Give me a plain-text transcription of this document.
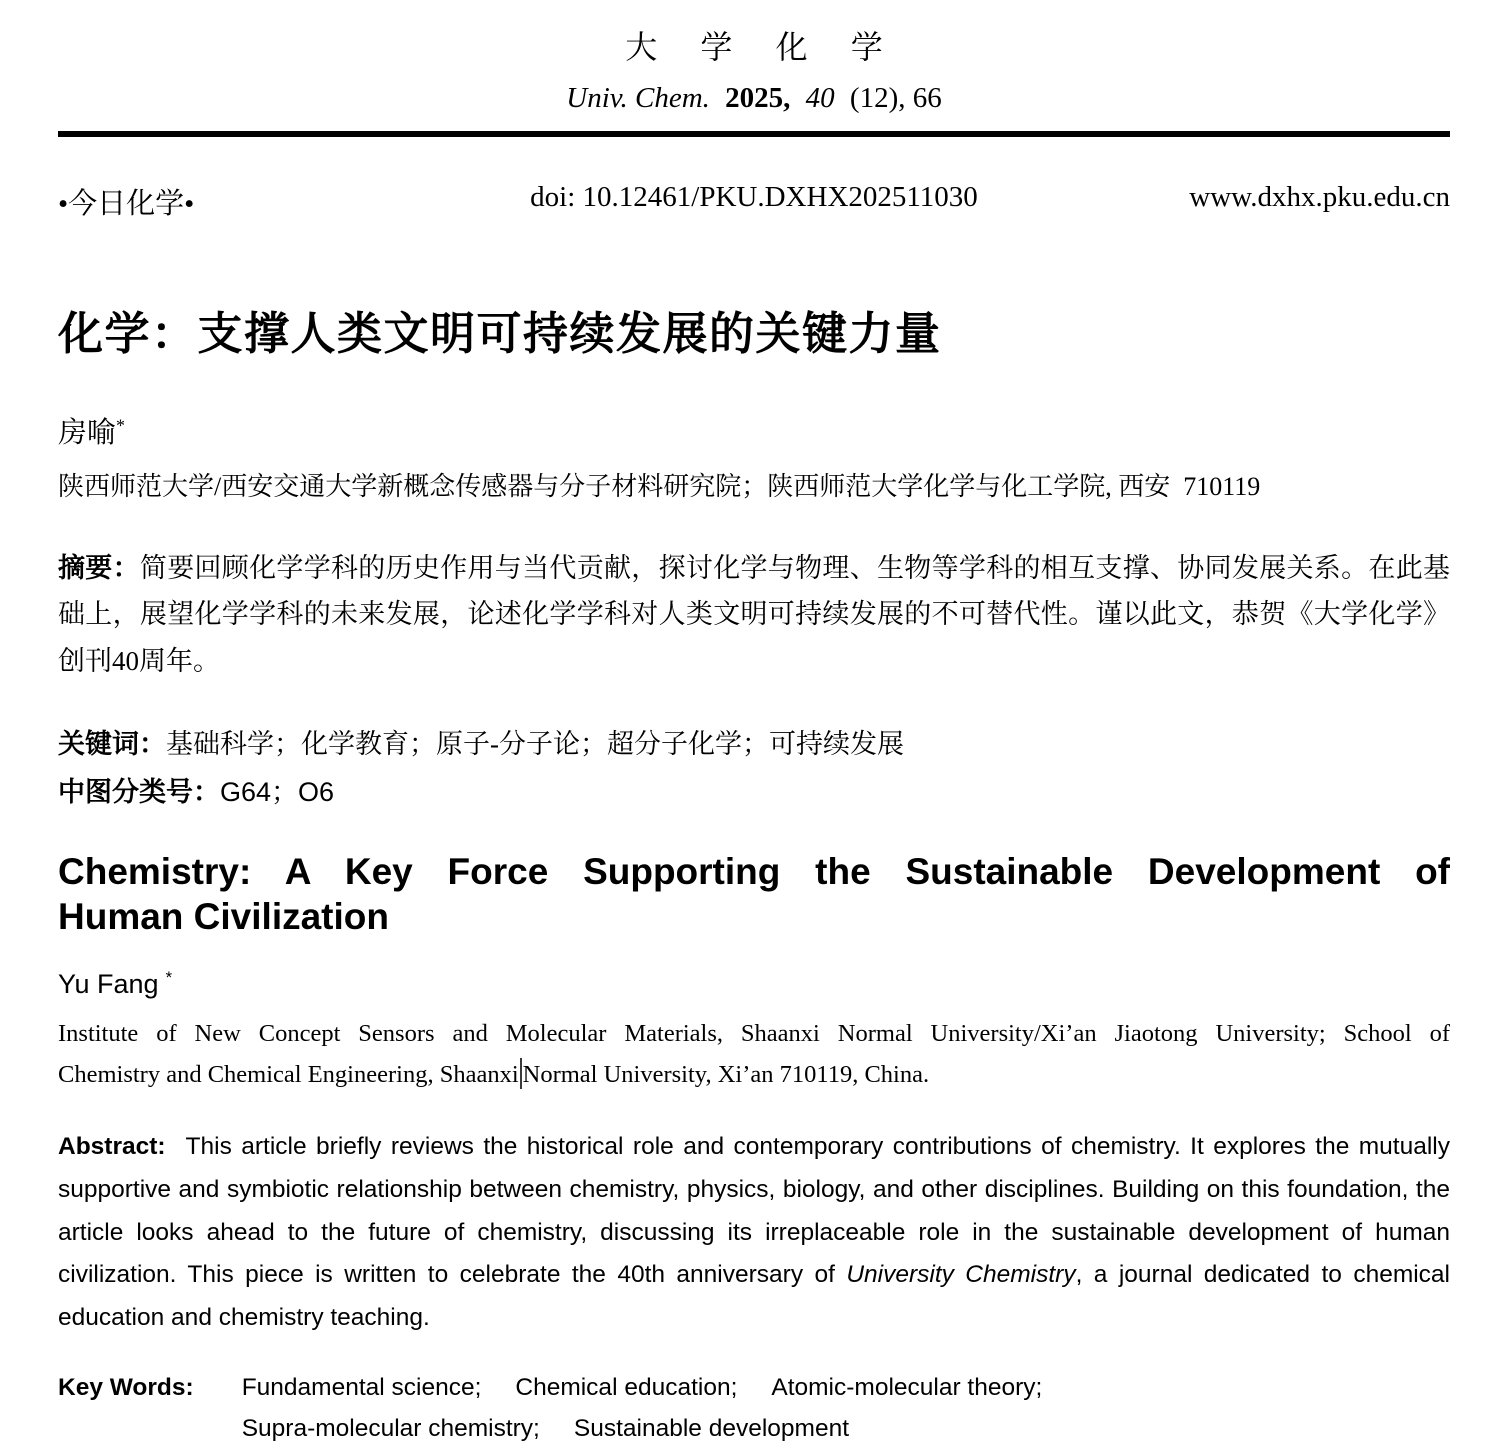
大 学 化 学
Univ. Chem. 2025, 40 (12), 66
•今日化学•	doi: 10.12461/PKU.DXHX202511030	www.dxhx.pku.edu.cn
化学：支撑人类文明可持续发展的关键力量
房喻*
陕西师范大学/西安交通大学新概念传感器与分子材料研究院；陕西师范大学化学与化工学院, 西安  710119

摘要：简要回顾化学学科的历史作用与当代贡献，探讨化学与物理、生物等学科的相互支撑、协同发展关系。在此基础上，展望化学学科的未来发展，论述化学学科对人类文明可持续发展的不可替代性。谨以此文，恭贺《大学化学》创刊40周年。

关键词：基础科学；化学教育；原子-分子论；超分子化学；可持续发展
中图分类号：G64；O6
Chemistry: A Key Force Supporting the Sustainable Development of
Human Civilization
Yu Fang *
Institute of New Concept Sensors and Molecular Materials, Shaanxi Normal University/Xi’an Jiaotong University; School of
Chemistry and Chemical Engineering, Shaanxi Normal University, Xi’an 710119, China.

Abstract: This article briefly reviews the historical role and contemporary contributions of chemistry. It explores the mutually supportive and symbiotic relationship between chemistry, physics, biology, and other disciplines. Building on this foundation, the article looks ahead to the future of chemistry, discussing its irreplaceable role in the sustainable development of human civilization. This piece is written to celebrate the 40th anniversary of University Chemistry, a journal dedicated to chemical education and chemistry teaching.

Key Words: Fundamental science; Chemical education; Atomic-molecular theory;
Supra-molecular chemistry; Sustainable development
